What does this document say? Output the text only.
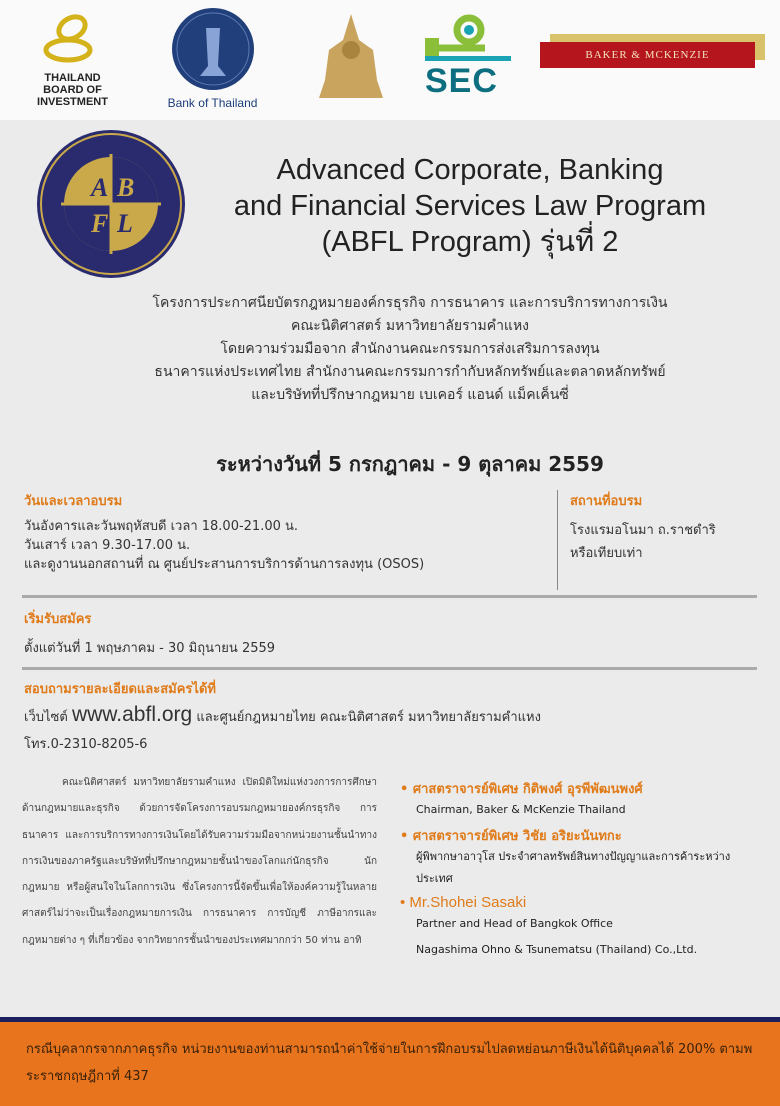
THAILAND BOARD OF INVESTMENT	Bank of Thailand
SEC
BAKER & MCKENZIE
A B
F L
Advanced Corporate, Banking
and Financial Services Law Program
(ABFL Program) รุ่นที่ 2
โครงการประกาศนียบัตรกฎหมายองค์กรธุรกิจ การธนาคาร และการบริการทางการเงิน
คณะนิติศาสตร์ มหาวิทยาลัยรามคำแหง
โดยความร่วมมือจาก สำนักงานคณะกรรมการส่งเสริมการลงทุน
ธนาคารแห่งประเทศไทย สำนักงานคณะกรรมการกำกับหลักทรัพย์และตลาดหลักทรัพย์
และบริษัทที่ปรึกษากฎหมาย เบเคอร์ แอนด์ แม็คเค็นซี่
ระหว่างวันที่ 5 กรกฎาคม - 9 ตุลาคม 2559
วันและเวลาอบรม
วันอังคารและวันพฤหัสบดี เวลา 18.00-21.00 น.
วันเสาร์ เวลา 9.30-17.00 น.
และดูงานนอกสถานที่ ณ ศูนย์ประสานการบริการด้านการลงทุน (OSOS)
สถานที่อบรม
โรงแรมอโนมา ถ.ราชดำริ
หรือเทียบเท่า
เริ่มรับสมัคร
ตั้งแต่วันที่ 1 พฤษภาคม - 30 มิถุนายน 2559
สอบถามรายละเอียดและสมัครได้ที่
เว็บไซต์ www.abfl.org และศูนย์กฎหมายไทย คณะนิติศาสตร์ มหาวิทยาลัยรามคำแหง
โทร.0-2310-8205-6
คณะนิติศาสตร์ มหาวิทยาลัยรามคำแหง เปิดมิติใหม่แห่งวงการการศึกษาด้านกฎหมายและธุรกิจ ด้วยการจัดโครงการอบรมกฎหมายองค์กรธุรกิจ การธนาคาร และการบริการทางการเงินโดยได้รับความร่วมมือจากหน่วยงานชั้นนำทางการเงินของภาครัฐและบริษัทที่ปรึกษากฎหมายชั้นนำของโลกแก่นักธุรกิจ นักกฎหมาย หรือผู้สนใจในโลกการเงิน ซึ่งโครงการนี้จัดขึ้นเพื่อให้องค์ความรู้ในหลายศาสตร์ไม่ว่าจะเป็นเรื่องกฎหมายการเงิน การธนาคาร การบัญชี ภาษีอากรและกฎหมายต่าง ๆ ที่เกี่ยวข้อง จากวิทยากรชั้นนำของประเทศมากกว่า 50 ท่าน อาทิ
• ศาสตราจารย์พิเศษ กิติพงศ์ อุรพีพัฒนพงศ์
Chairman, Baker & McKenzie Thailand
• ศาสตราจารย์พิเศษ วิชัย อริยะนันทกะ
ผู้พิพากษาอาวุโส ประจำศาลทรัพย์สินทางปัญญาและการค้าระหว่างประเทศ
• Mr.Shohei Sasaki
Partner and Head of Bangkok Office
Nagashima Ohno & Tsunematsu (Thailand) Co.,Ltd.
กรณีบุคลากรจากภาคธุรกิจ หน่วยงานของท่านสามารถนำค่าใช้จ่ายในการฝึกอบรมไปลดหย่อนภาษีเงินได้นิติบุคคลได้ 200% ตามพระราชกฤษฎีกาที่ 437
